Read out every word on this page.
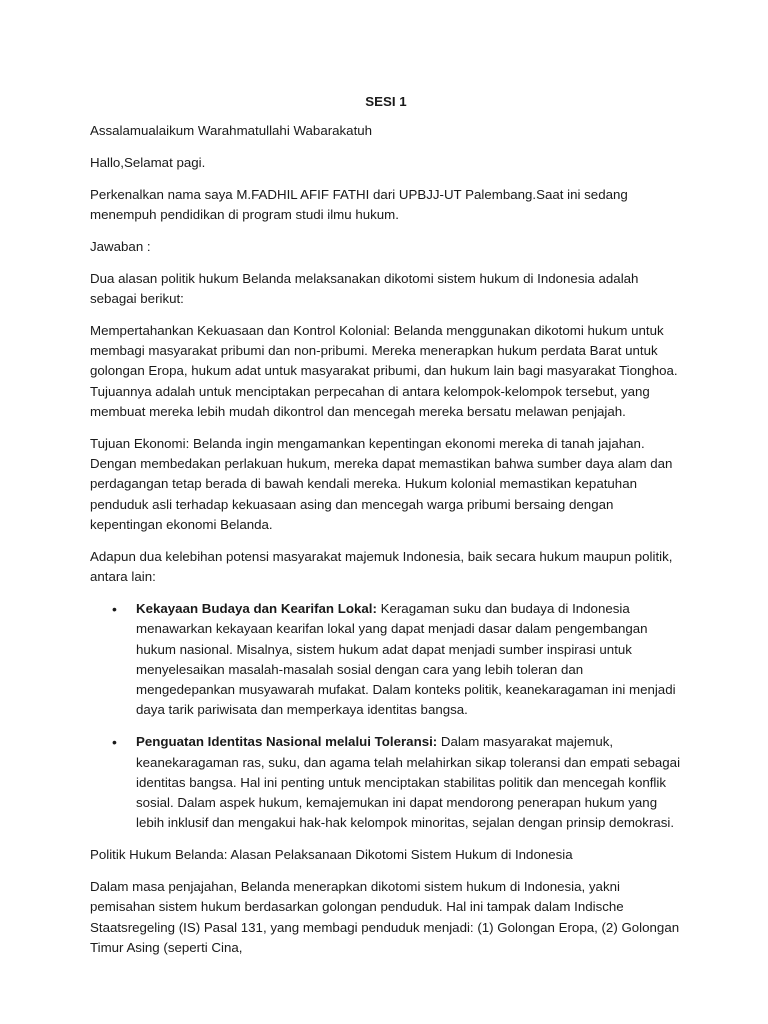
SESI 1

Assalamualaikum Warahmatullahi Wabarakatuh

Hallo,Selamat pagi.

Perkenalkan nama saya M.FADHIL AFIF FATHI dari UPBJJ-UT Palembang.Saat ini sedang menempuh pendidikan di program studi ilmu hukum.

Jawaban :

Dua alasan politik hukum Belanda melaksanakan dikotomi sistem hukum di Indonesia adalah sebagai berikut:

Mempertahankan Kekuasaan dan Kontrol Kolonial: Belanda menggunakan dikotomi hukum untuk membagi masyarakat pribumi dan non-pribumi. Mereka menerapkan hukum perdata Barat untuk golongan Eropa, hukum adat untuk masyarakat pribumi, dan hukum lain bagi masyarakat Tionghoa. Tujuannya adalah untuk menciptakan perpecahan di antara kelompok-kelompok tersebut, yang membuat mereka lebih mudah dikontrol dan mencegah mereka bersatu melawan penjajah.

Tujuan Ekonomi: Belanda ingin mengamankan kepentingan ekonomi mereka di tanah jajahan. Dengan membedakan perlakuan hukum, mereka dapat memastikan bahwa sumber daya alam dan perdagangan tetap berada di bawah kendali mereka. Hukum kolonial memastikan kepatuhan penduduk asli terhadap kekuasaan asing dan mencegah warga pribumi bersaing dengan kepentingan ekonomi Belanda.

Adapun dua kelebihan potensi masyarakat majemuk Indonesia, baik secara hukum maupun politik, antara lain:

• Kekayaan Budaya dan Kearifan Lokal: Keragaman suku dan budaya di Indonesia menawarkan kekayaan kearifan lokal yang dapat menjadi dasar dalam pengembangan hukum nasional. Misalnya, sistem hukum adat dapat menjadi sumber inspirasi untuk menyelesaikan masalah-masalah sosial dengan cara yang lebih toleran dan mengedepankan musyawarah mufakat. Dalam konteks politik, keanekaragaman ini menjadi daya tarik pariwisata dan memperkaya identitas bangsa.
• Penguatan Identitas Nasional melalui Toleransi: Dalam masyarakat majemuk, keanekaragaman ras, suku, dan agama telah melahirkan sikap toleransi dan empati sebagai identitas bangsa. Hal ini penting untuk menciptakan stabilitas politik dan mencegah konflik sosial. Dalam aspek hukum, kemajemukan ini dapat mendorong penerapan hukum yang lebih inklusif dan mengakui hak-hak kelompok minoritas, sejalan dengan prinsip demokrasi.

Politik Hukum Belanda: Alasan Pelaksanaan Dikotomi Sistem Hukum di Indonesia

Dalam masa penjajahan, Belanda menerapkan dikotomi sistem hukum di Indonesia, yakni pemisahan sistem hukum berdasarkan golongan penduduk. Hal ini tampak dalam Indische Staatsregeling (IS) Pasal 131, yang membagi penduduk menjadi: (1) Golongan Eropa, (2) Golongan Timur Asing (seperti Cina,
